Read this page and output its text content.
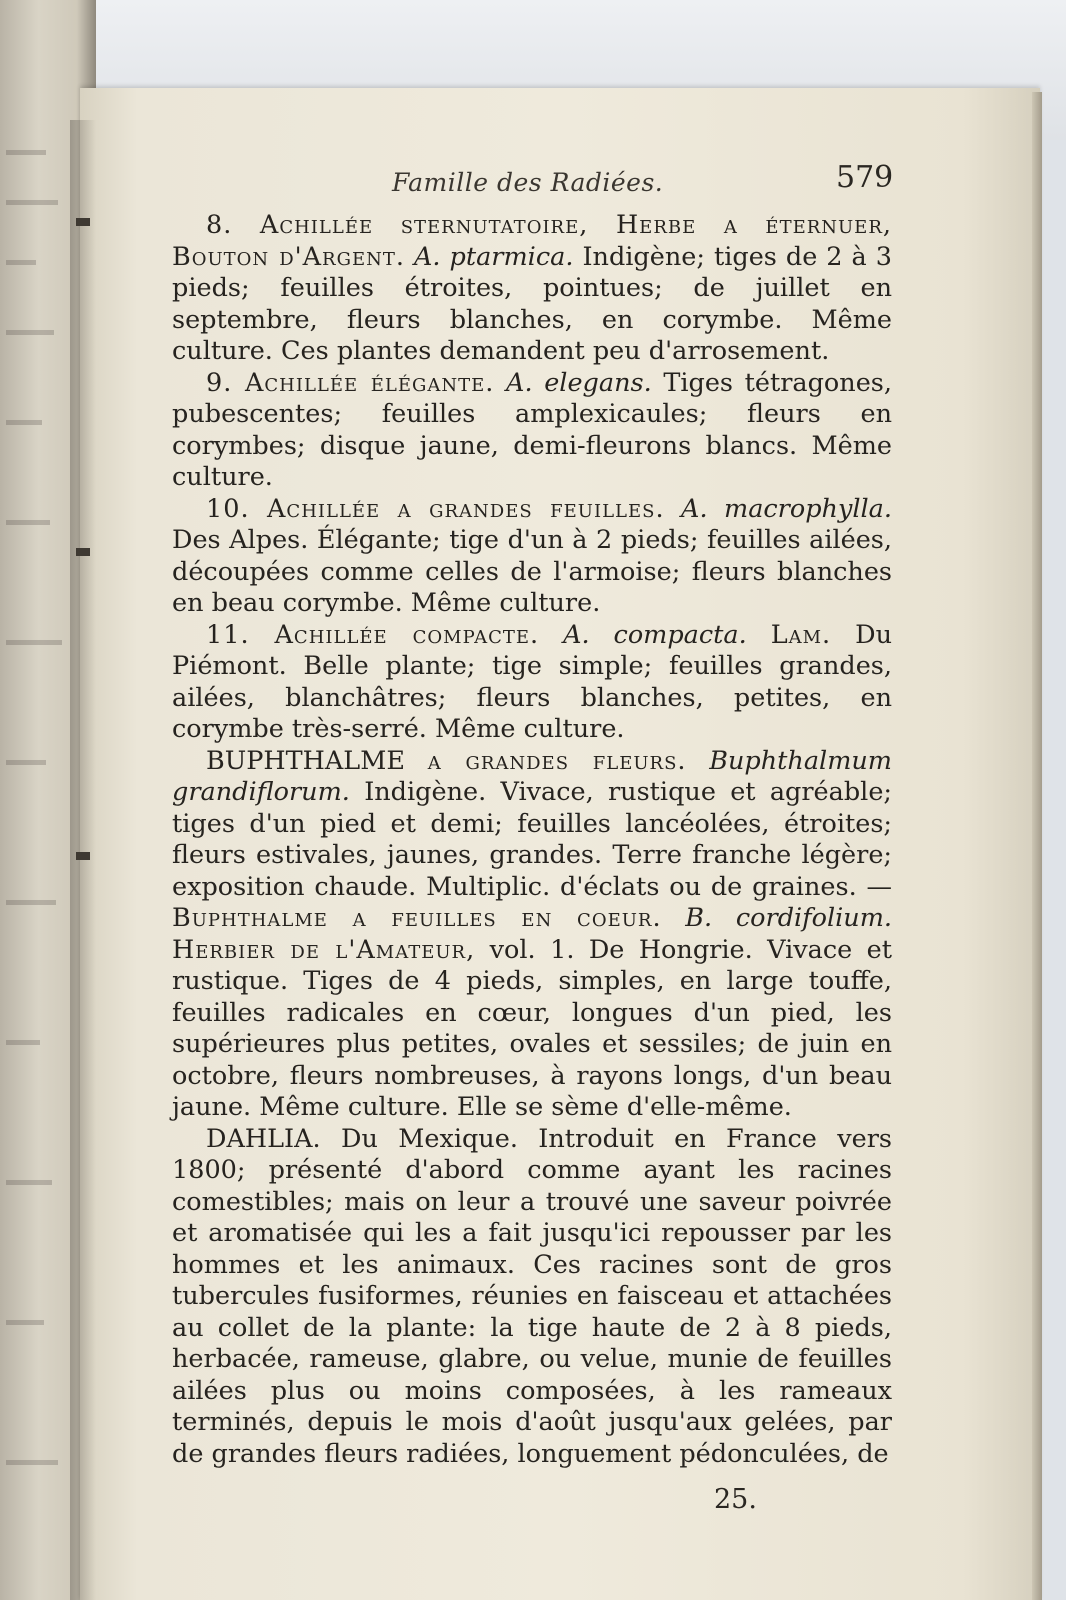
Famille des Radiées.	579

8. Achillée sternutatoire, Herbe a éternuer, Bouton d'Argent. A. ptarmica. Indigène; tiges de 2 à 3 pieds; feuilles étroites, pointues; de juillet en septembre, fleurs blanches, en corymbe. Même culture. Ces plantes demandent peu d'arrosement.

9. Achillée élégante. A. elegans. Tiges tétragones, pubescentes; feuilles amplexicaules; fleurs en corymbes; disque jaune, demi-fleurons blancs. Même culture.

10. Achillée a grandes feuilles. A. macrophylla. Des Alpes. Élégante; tige d'un à 2 pieds; feuilles ailées, découpées comme celles de l'armoise; fleurs blanches en beau corymbe. Même culture.

11. Achillée compacte. A. compacta. Lam. Du Piémont. Belle plante; tige simple; feuilles grandes, ailées, blanchâtres; fleurs blanches, petites, en corymbe très-serré. Même culture.

BUPHTHALME a grandes fleurs. Buphthalmum grandiflorum. Indigène. Vivace, rustique et agréable; tiges d'un pied et demi; feuilles lancéolées, étroites; fleurs estivales, jaunes, grandes. Terre franche légère; exposition chaude. Multiplic. d'éclats ou de graines. — Buphthalme a feuilles en coeur. B. cordifolium. Herbier de l'Amateur, vol. 1. De Hongrie. Vivace et rustique. Tiges de 4 pieds, simples, en large touffe, feuilles radicales en cœur, longues d'un pied, les supérieures plus petites, ovales et sessiles; de juin en octobre, fleurs nombreuses, à rayons longs, d'un beau jaune. Même culture. Elle se sème d'elle-même.

DAHLIA. Du Mexique. Introduit en France vers 1800; présenté d'abord comme ayant les racines comestibles; mais on leur a trouvé une saveur poivrée et aromatisée qui les a fait jusqu'ici repousser par les hommes et les animaux. Ces racines sont de gros tubercules fusiformes, réunies en faisceau et attachées au collet de la plante: la tige haute de 2 à 8 pieds, herbacée, rameuse, glabre, ou velue, munie de feuilles ailées plus ou moins composées, à les rameaux terminés, depuis le mois d'août jusqu'aux gelées, par de grandes fleurs radiées, longuement pédonculées, de

25.
